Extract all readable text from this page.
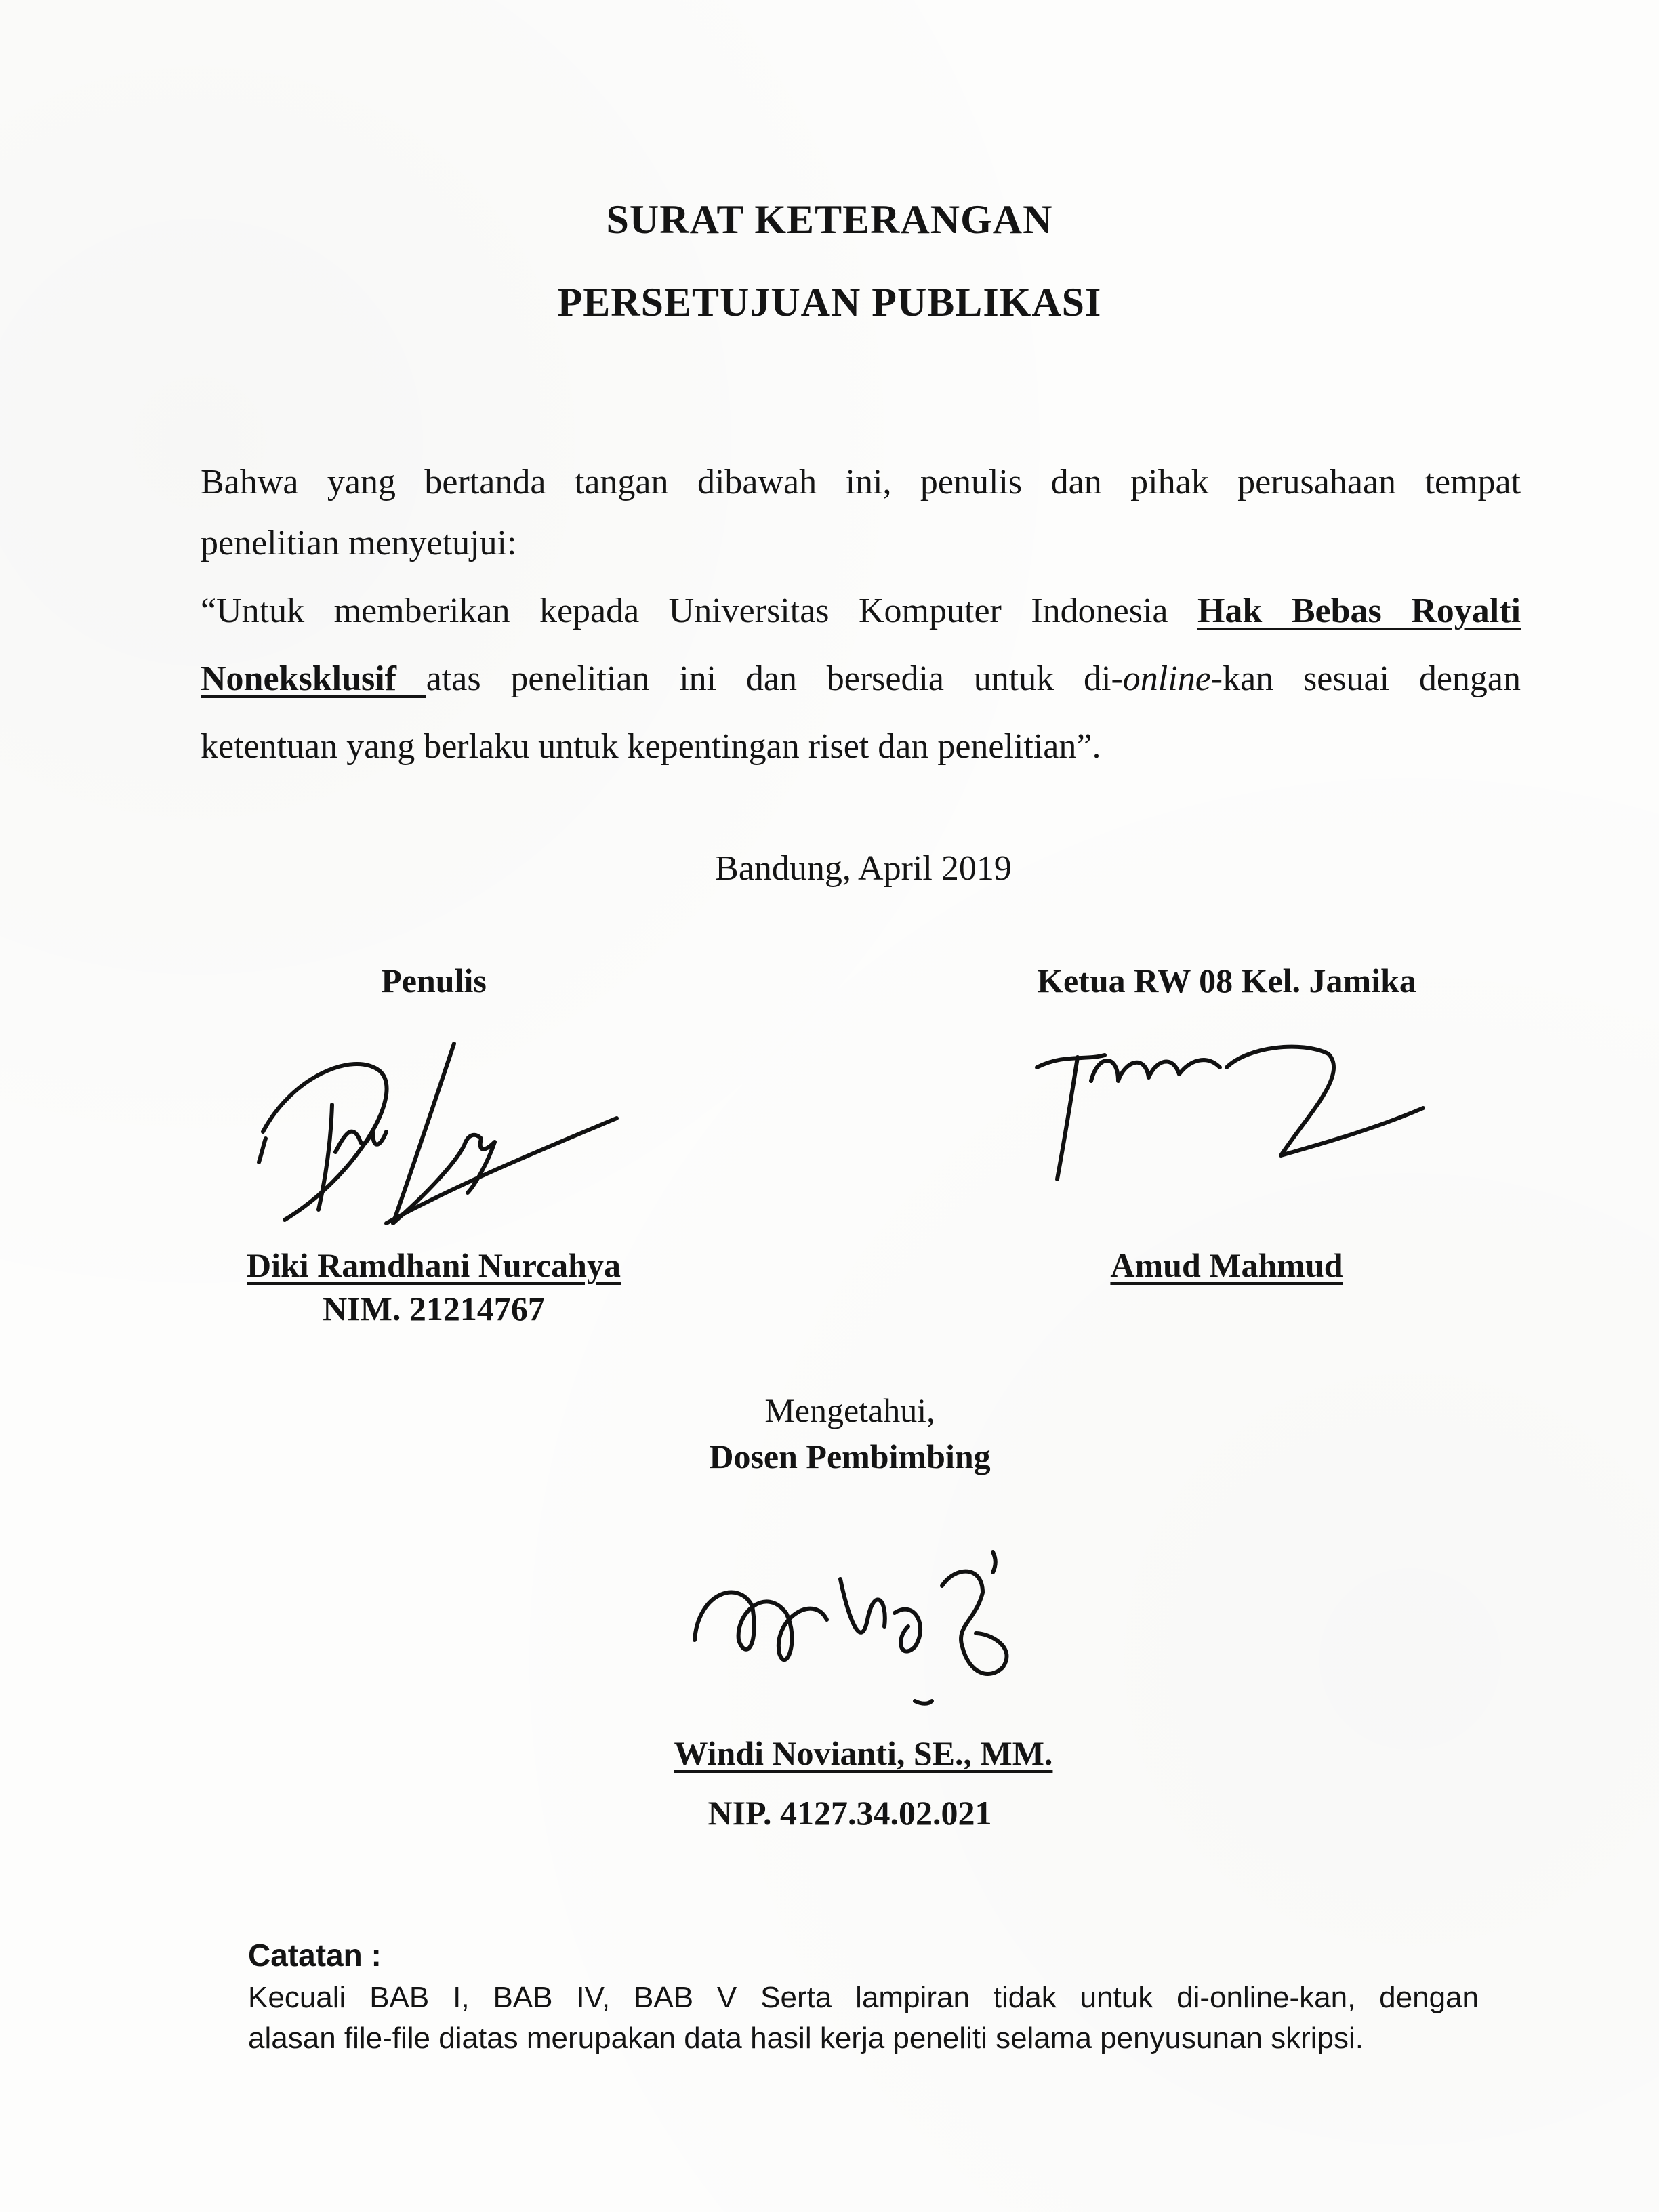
SURAT KETERANGAN
PERSETUJUAN PUBLIKASI
Bahwa yang bertanda tangan dibawah ini, penulis dan pihak perusahaan tempat
penelitian menyetujui:
“Untuk memberikan kepada Universitas Komputer Indonesia Hak Bebas Royalti
Noneksklusif atas penelitian ini dan bersedia untuk di-online-kan sesuai dengan
ketentuan yang berlaku untuk kepentingan riset dan penelitian”.
Bandung, April 2019
Penulis
Diki Ramdhani Nurcahya
NIM. 21214767
Ketua RW 08 Kel. Jamika
Amud Mahmud
Mengetahui,
Dosen Pembimbing
Windi Novianti, SE., MM.
NIP. 4127.34.02.021
Catatan :
Kecuali BAB I, BAB IV, BAB V Serta lampiran tidak untuk di-online-kan, dengan
alasan file-file diatas merupakan data hasil kerja peneliti selama penyusunan skripsi.
